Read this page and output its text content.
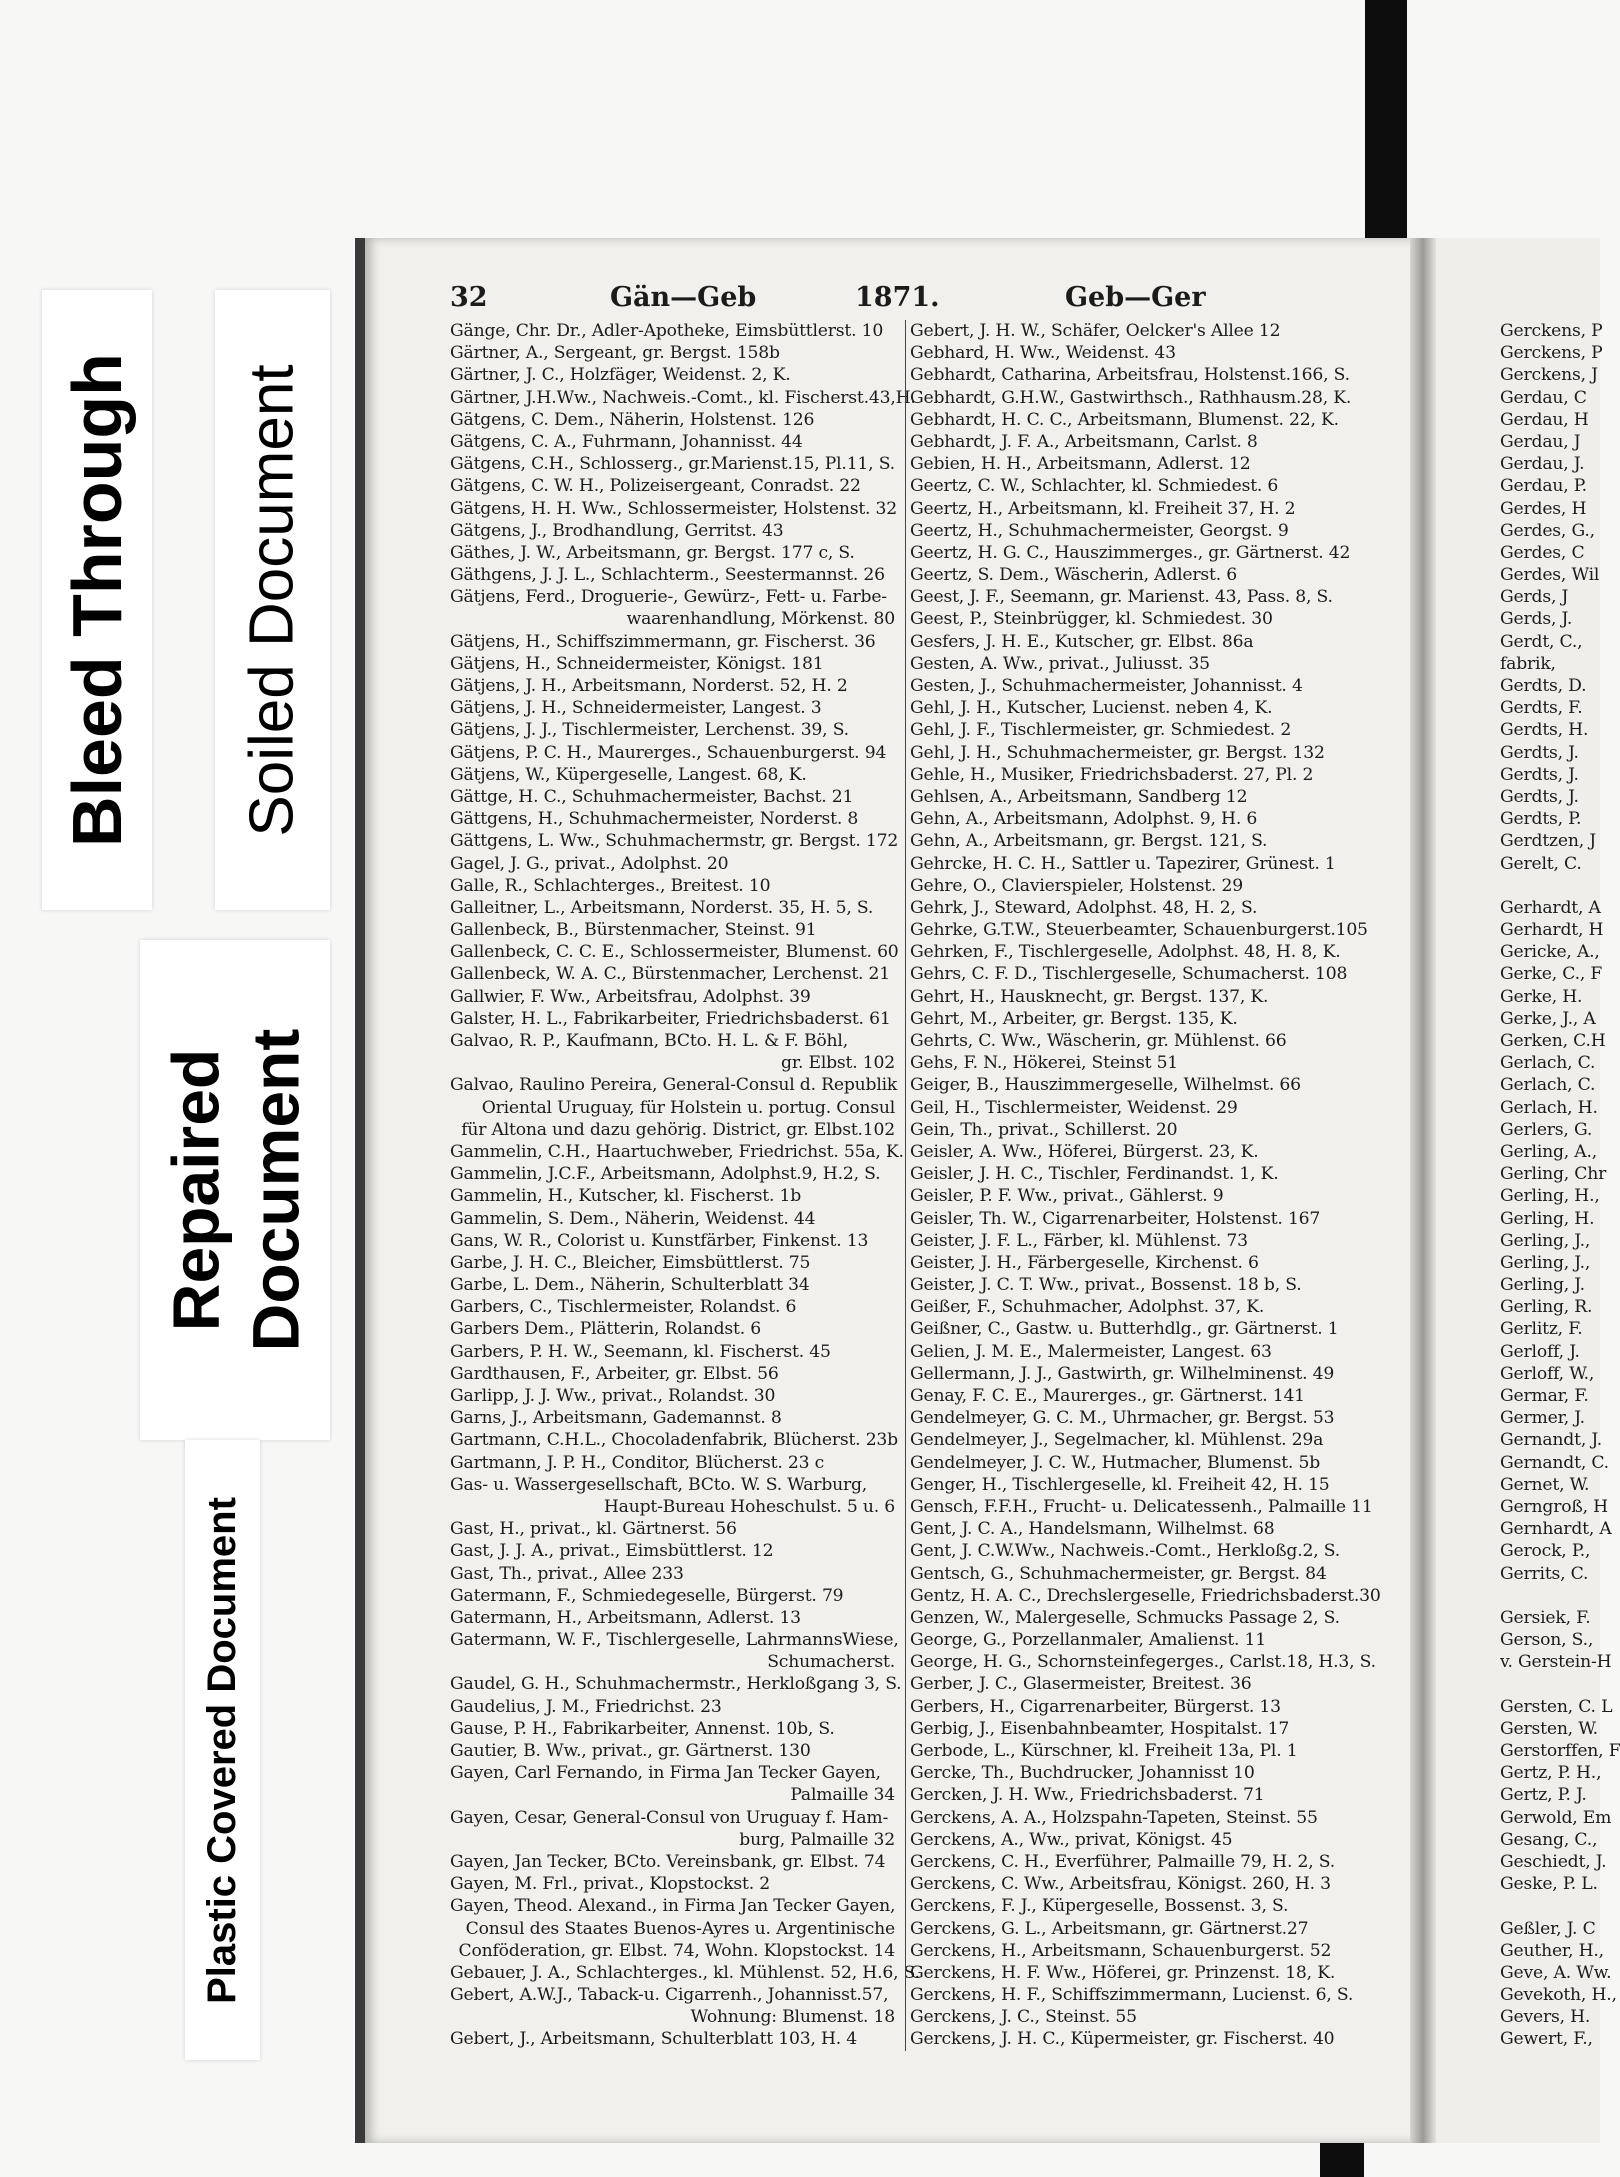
Bleed Through Soiled Document
Repaired Document
Plastic Covered Document
32	Gän—Geb	1871.	Geb—Ger
Gänge, Chr. Dr., Adler-Apotheke, Eimsbüttlerst. 10
Gärtner, A., Sergeant, gr. Bergst. 158b
Gärtner, J. C., Holzfäger, Weidenst. 2, K.
Gärtner, J.H.Ww., Nachweis.-Comt., kl. Fischerst.43,H.
Gätgens, C. Dem., Näherin, Holstenst. 126
Gätgens, C. A., Fuhrmann, Johannisst. 44
Gätgens, C.H., Schlosserg., gr.Marienst.15, Pl.11, S.
Gätgens, C. W. H., Polizeisergeant, Conradst. 22
Gätgens, H. H. Ww., Schlossermeister, Holstenst. 32
Gätgens, J., Brodhandlung, Gerritst. 43
Gäthes, J. W., Arbeitsmann, gr. Bergst. 177 c, S.
Gäthgens, J. J. L., Schlachterm., Seestermannst. 26
Gätjens, Ferd., Droguerie-, Gewürz-, Fett- u. Farbe-
waarenhandlung, Mörkenst. 80
Gätjens, H., Schiffszimmermann, gr. Fischerst. 36
Gätjens, H., Schneidermeister, Königst. 181
Gätjens, J. H., Arbeitsmann, Norderst. 52, H. 2
Gätjens, J. H., Schneidermeister, Langest. 3
Gätjens, J. J., Tischlermeister, Lerchenst. 39, S.
Gätjens, P. C. H., Maurerges., Schauenburgerst. 94
Gätjens, W., Küpergeselle, Langest. 68, K.
Gättge, H. C., Schuhmachermeister, Bachst. 21
Gättgens, H., Schuhmachermeister, Norderst. 8
Gättgens, L. Ww., Schuhmachermstr, gr. Bergst. 172
Gagel, J. G., privat., Adolphst. 20
Galle, R., Schlachterges., Breitest. 10
Galleitner, L., Arbeitsmann, Norderst. 35, H. 5, S.
Gallenbeck, B., Bürstenmacher, Steinst. 91
Gallenbeck, C. C. E., Schlossermeister, Blumenst. 60
Gallenbeck, W. A. C., Bürstenmacher, Lerchenst. 21
Gallwier, F. Ww., Arbeitsfrau, Adolphst. 39
Galster, H. L., Fabrikarbeiter, Friedrichsbaderst. 61
Galvao, R. P., Kaufmann, BCto. H. L. & F. Böhl,
gr. Elbst. 102
Galvao, Raulino Pereira, General-Consul d. Republik
Oriental Uruguay, für Holstein u. portug. Consul
für Altona und dazu gehörig. District, gr. Elbst.102
Gammelin, C.H., Haartuchweber, Friedrichst. 55a, K.
Gammelin, J.C.F., Arbeitsmann, Adolphst.9, H.2, S.
Gammelin, H., Kutscher, kl. Fischerst. 1b
Gammelin, S. Dem., Näherin, Weidenst. 44
Gans, W. R., Colorist u. Kunstfärber, Finkenst. 13
Garbe, J. H. C., Bleicher, Eimsbüttlerst. 75
Garbe, L. Dem., Näherin, Schulterblatt 34
Garbers, C., Tischlermeister, Rolandst. 6
Garbers Dem., Plätterin, Rolandst. 6
Garbers, P. H. W., Seemann, kl. Fischerst. 45
Gardthausen, F., Arbeiter, gr. Elbst. 56
Garlipp, J. J. Ww., privat., Rolandst. 30
Garns, J., Arbeitsmann, Gademannst. 8
Gartmann, C.H.L., Chocoladenfabrik, Blücherst. 23b
Gartmann, J. P. H., Conditor, Blücherst. 23 c
Gas- u. Wassergesellschaft, BCto. W. S. Warburg,
Haupt-Bureau Hoheschulst. 5 u. 6
Gast, H., privat., kl. Gärtnerst. 56
Gast, J. J. A., privat., Eimsbüttlerst. 12
Gast, Th., privat., Allee 233
Gatermann, F., Schmiedegeselle, Bürgerst. 79
Gatermann, H., Arbeitsmann, Adlerst. 13
Gatermann, W. F., Tischlergeselle, LahrmannsWiese,
Schumacherst.
Gaudel, G. H., Schuhmachermstr., Herkloßgang 3, S.
Gaudelius, J. M., Friedrichst. 23
Gause, P. H., Fabrikarbeiter, Annenst. 10b, S.
Gautier, B. Ww., privat., gr. Gärtnerst. 130
Gayen, Carl Fernando, in Firma Jan Tecker Gayen,
Palmaille 34
Gayen, Cesar, General-Consul von Uruguay f. Ham-
burg, Palmaille 32
Gayen, Jan Tecker, BCto. Vereinsbank, gr. Elbst. 74
Gayen, M. Frl., privat., Klopstockst. 2
Gayen, Theod. Alexand., in Firma Jan Tecker Gayen,
Consul des Staates Buenos-Ayres u. Argentinische
Conföderation, gr. Elbst. 74, Wohn. Klopstockst. 14
Gebauer, J. A., Schlachterges., kl. Mühlenst. 52, H.6, S.
Gebert, A.W.J., Taback-u. Cigarrenh., Johannisst.57,
Wohnung: Blumenst. 18
Gebert, J., Arbeitsmann, Schulterblatt 103, H. 4
Gebert, J. H. W., Schäfer, Oelcker's Allee 12
Gebhard, H. Ww., Weidenst. 43
Gebhardt, Catharina, Arbeitsfrau, Holstenst.166, S.
Gebhardt, G.H.W., Gastwirthsch., Rathhausm.28, K.
Gebhardt, H. C. C., Arbeitsmann, Blumenst. 22, K.
Gebhardt, J. F. A., Arbeitsmann, Carlst. 8
Gebien, H. H., Arbeitsmann, Adlerst. 12
Geertz, C. W., Schlachter, kl. Schmiedest. 6
Geertz, H., Arbeitsmann, kl. Freiheit 37, H. 2
Geertz, H., Schuhmachermeister, Georgst. 9
Geertz, H. G. C., Hauszimmerges., gr. Gärtnerst. 42
Geertz, S. Dem., Wäscherin, Adlerst. 6
Geest, J. F., Seemann, gr. Marienst. 43, Pass. 8, S.
Geest, P., Steinbrügger, kl. Schmiedest. 30
Gesfers, J. H. E., Kutscher, gr. Elbst. 86a
Gesten, A. Ww., privat., Juliusst. 35
Gesten, J., Schuhmachermeister, Johannisst. 4
Gehl, J. H., Kutscher, Lucienst. neben 4, K.
Gehl, J. F., Tischlermeister, gr. Schmiedest. 2
Gehl, J. H., Schuhmachermeister, gr. Bergst. 132
Gehle, H., Musiker, Friedrichsbaderst. 27, Pl. 2
Gehlsen, A., Arbeitsmann, Sandberg 12
Gehn, A., Arbeitsmann, Adolphst. 9, H. 6
Gehn, A., Arbeitsmann, gr. Bergst. 121, S.
Gehrcke, H. C. H., Sattler u. Tapezirer, Grünest. 1
Gehre, O., Clavierspieler, Holstenst. 29
Gehrk, J., Steward, Adolphst. 48, H. 2, S.
Gehrke, G.T.W., Steuerbeamter, Schauenburgerst.105
Gehrken, F., Tischlergeselle, Adolphst. 48, H. 8, K.
Gehrs, C. F. D., Tischlergeselle, Schumacherst. 108
Gehrt, H., Hausknecht, gr. Bergst. 137, K.
Gehrt, M., Arbeiter, gr. Bergst. 135, K.
Gehrts, C. Ww., Wäscherin, gr. Mühlenst. 66
Gehs, F. N., Hökerei, Steinst 51
Geiger, B., Hauszimmergeselle, Wilhelmst. 66
Geil, H., Tischlermeister, Weidenst. 29
Gein, Th., privat., Schillerst. 20
Geisler, A. Ww., Höferei, Bürgerst. 23, K.
Geisler, J. H. C., Tischler, Ferdinandst. 1, K.
Geisler, P. F. Ww., privat., Gählerst. 9
Geisler, Th. W., Cigarrenarbeiter, Holstenst. 167
Geister, J. F. L., Färber, kl. Mühlenst. 73
Geister, J. H., Färbergeselle, Kirchenst. 6
Geister, J. C. T. Ww., privat., Bossenst. 18 b, S.
Geißer, F., Schuhmacher, Adolphst. 37, K.
Geißner, C., Gastw. u. Butterhdlg., gr. Gärtnerst. 1
Gelien, J. M. E., Malermeister, Langest. 63
Gellermann, J. J., Gastwirth, gr. Wilhelminenst. 49
Genay, F. C. E., Maurerges., gr. Gärtnerst. 141
Gendelmeyer, G. C. M., Uhrmacher, gr. Bergst. 53
Gendelmeyer, J., Segelmacher, kl. Mühlenst. 29a
Gendelmeyer, J. C. W., Hutmacher, Blumenst. 5b
Genger, H., Tischlergeselle, kl. Freiheit 42, H. 15
Gensch, F.F.H., Frucht- u. Delicatessenh., Palmaille 11
Gent, J. C. A., Handelsmann, Wilhelmst. 68
Gent, J. C.W.Ww., Nachweis.-Comt., Herkloßg.2, S.
Gentsch, G., Schuhmachermeister, gr. Bergst. 84
Gentz, H. A. C., Drechslergeselle, Friedrichsbaderst.30
Genzen, W., Malergeselle, Schmucks Passage 2, S.
George, G., Porzellanmaler, Amalienst. 11
George, H. G., Schornsteinfegerges., Carlst.18, H.3, S.
Gerber, J. C., Glasermeister, Breitest. 36
Gerbers, H., Cigarrenarbeiter, Bürgerst. 13
Gerbig, J., Eisenbahnbeamter, Hospitalst. 17
Gerbode, L., Kürschner, kl. Freiheit 13a, Pl. 1
Gercke, Th., Buchdrucker, Johannisst 10
Gercken, J. H. Ww., Friedrichsbaderst. 71
Gerckens, A. A., Holzspahn-Tapeten, Steinst. 55
Gerckens, A., Ww., privat, Königst. 45
Gerckens, C. H., Everführer, Palmaille 79, H. 2, S.
Gerckens, C. Ww., Arbeitsfrau, Königst. 260, H. 3
Gerckens, F. J., Küpergeselle, Bossenst. 3, S.
Gerckens, G. L., Arbeitsmann, gr. Gärtnerst.27
Gerckens, H., Arbeitsmann, Schauenburgerst. 52
Gerckens, H. F. Ww., Höferei, gr. Prinzenst. 18, K.
Gerckens, H. F., Schiffszimmermann, Lucienst. 6, S.
Gerckens, J. C., Steinst. 55
Gerckens, J. H. C., Küpermeister, gr. Fischerst. 40
Gerckens, P
Gerckens, P
Gerckens, J
Gerdau, C
Gerdau, H
Gerdau, J
Gerdau, J.
Gerdau, P.
Gerdes, H
Gerdes, G.,
Gerdes, C
Gerdes, Wil
Gerds, J
Gerds, J.
Gerdt, C.,
fabrik,
Gerdts, D.
Gerdts, F.
Gerdts, H.
Gerdts, J.
Gerdts, J.
Gerdts, J.
Gerdts, P.
Gerdtzen, J
Gerelt, C.
Gerhardt, A
Gerhardt, H
Gericke, A.,
Gerke, C., F
Gerke, H.
Gerke, J., A
Gerken, C.H
Gerlach, C.
Gerlach, C.
Gerlach, H.
Gerlers, G.
Gerling, A.,
Gerling, Chr
Gerling, H.,
Gerling, H.
Gerling, J.,
Gerling, J.,
Gerling, J.
Gerling, R.
Gerlitz, F.
Gerloff, J.
Gerloff, W.,
Germar, F.
Germer, J.
Gernandt, J.
Gernandt, C.
Gernet, W.
Gerngroß, H
Gernhardt, A
Gerock, P.,
Gerrits, C.
Gersiek, F.
Gerson, S.,
v. Gerstein-H
Gersten, C. L
Gersten, W.
Gerstorffen, F
Gertz, P. H.,
Gertz, P. J.
Gerwold, Em
Gesang, C.,
Geschiedt, J.
Geske, P. L.
Geßler, J. C
Geuther, H.,
Geve, A. Ww.
Gevekoth, H.,
Gevers, H.
Gewert, F.,
